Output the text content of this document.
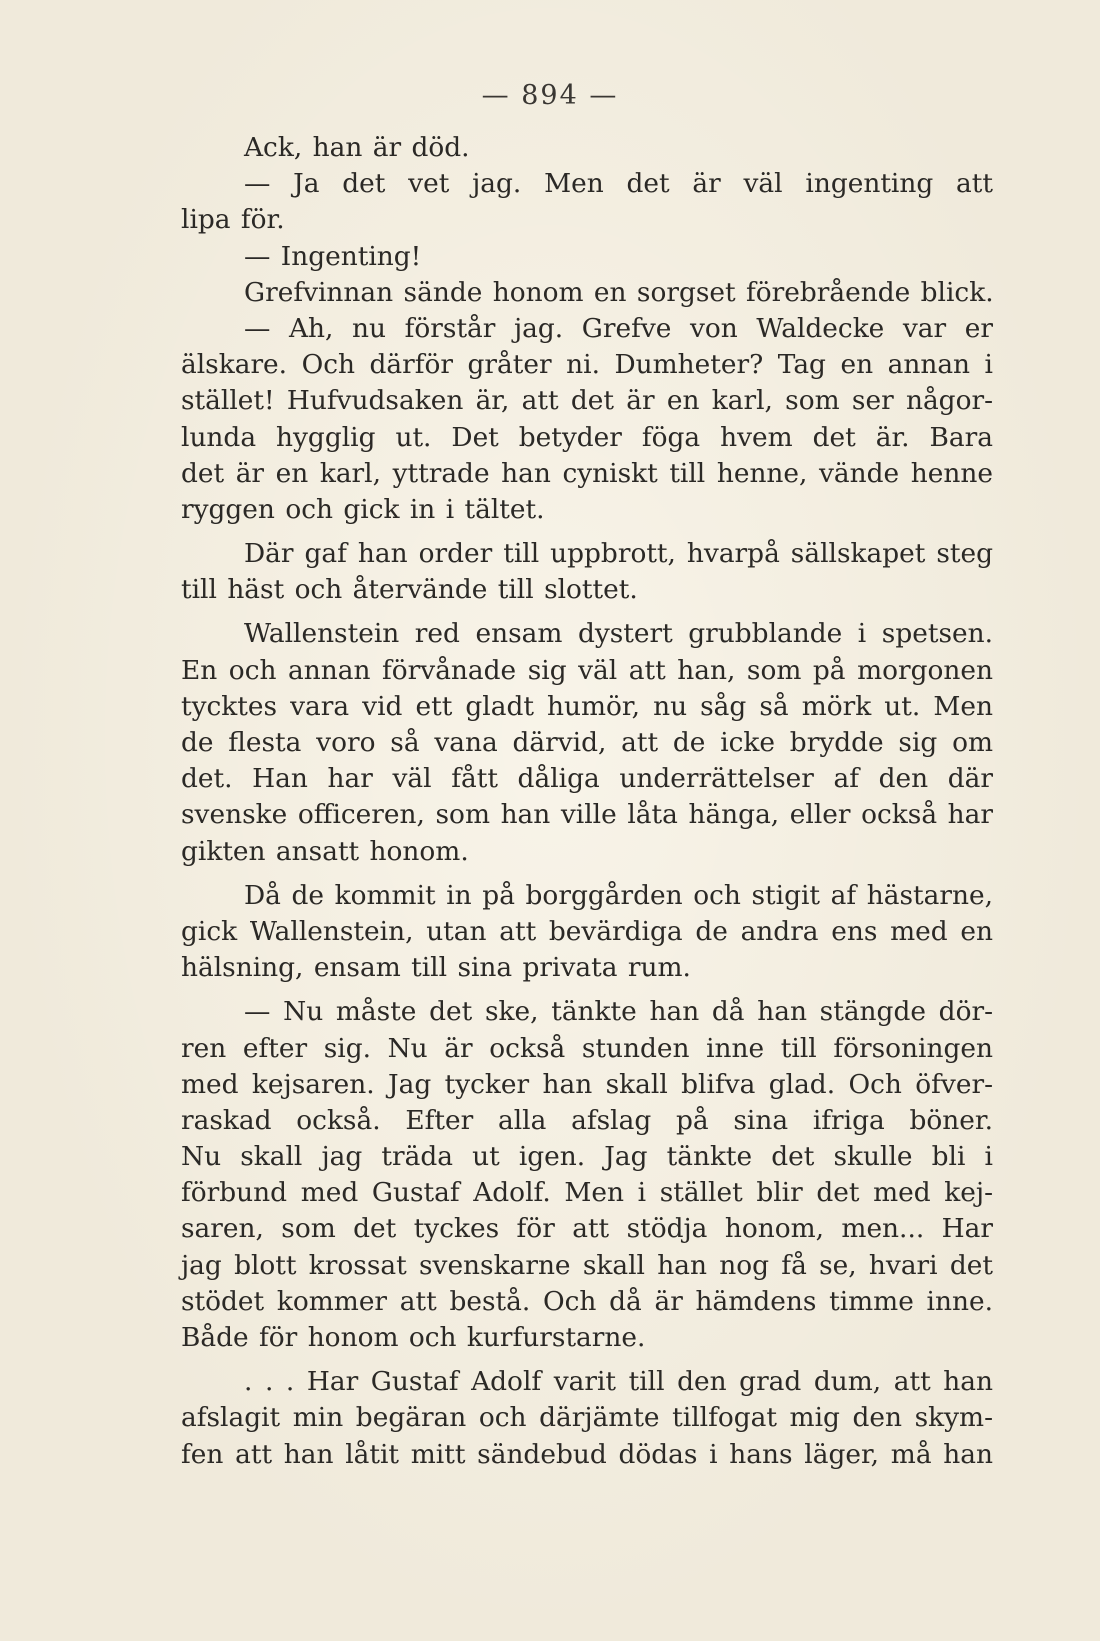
— 894 —
Ack, han är död.
— Ja det vet jag. Men det är väl ingenting att
lipa för.
— Ingenting!
Grefvinnan sände honom en sorgset förebrående blick.
— Ah, nu förstår jag. Grefve von Waldecke var er
älskare. Och därför gråter ni. Dumheter? Tag en annan i
stället! Hufvudsaken är, att det är en karl, som ser någor-
lunda hygglig ut. Det betyder föga hvem det är. Bara
det är en karl, yttrade han cyniskt till henne, vände henne
ryggen och gick in i tältet.
Där gaf han order till uppbrott, hvarpå sällskapet steg
till häst och återvände till slottet.
Wallenstein red ensam dystert grubblande i spetsen.
En och annan förvånade sig väl att han, som på morgonen
tycktes vara vid ett gladt humör, nu såg så mörk ut. Men
de flesta voro så vana därvid, att de icke brydde sig om
det. Han har väl fått dåliga underrättelser af den där
svenske officeren, som han ville låta hänga, eller också har
gikten ansatt honom.
Då de kommit in på borggården och stigit af hästarne,
gick Wallenstein, utan att bevärdiga de andra ens med en
hälsning, ensam till sina privata rum.
— Nu måste det ske, tänkte han då han stängde dör-
ren efter sig. Nu är också stunden inne till försoningen
med kejsaren. Jag tycker han skall blifva glad. Och öfver-
raskad också. Efter alla afslag på sina ifriga böner.
Nu skall jag träda ut igen. Jag tänkte det skulle bli i
förbund med Gustaf Adolf. Men i stället blir det med kej-
saren, som det tyckes för att stödja honom, men... Har
jag blott krossat svenskarne skall han nog få se, hvari det
stödet kommer att bestå. Och då är hämdens timme inne.
Både för honom och kurfurstarne.
. . . Har Gustaf Adolf varit till den grad dum, att han
afslagit min begäran och därjämte tillfogat mig den skym-
fen att han låtit mitt sändebud dödas i hans läger, må han
